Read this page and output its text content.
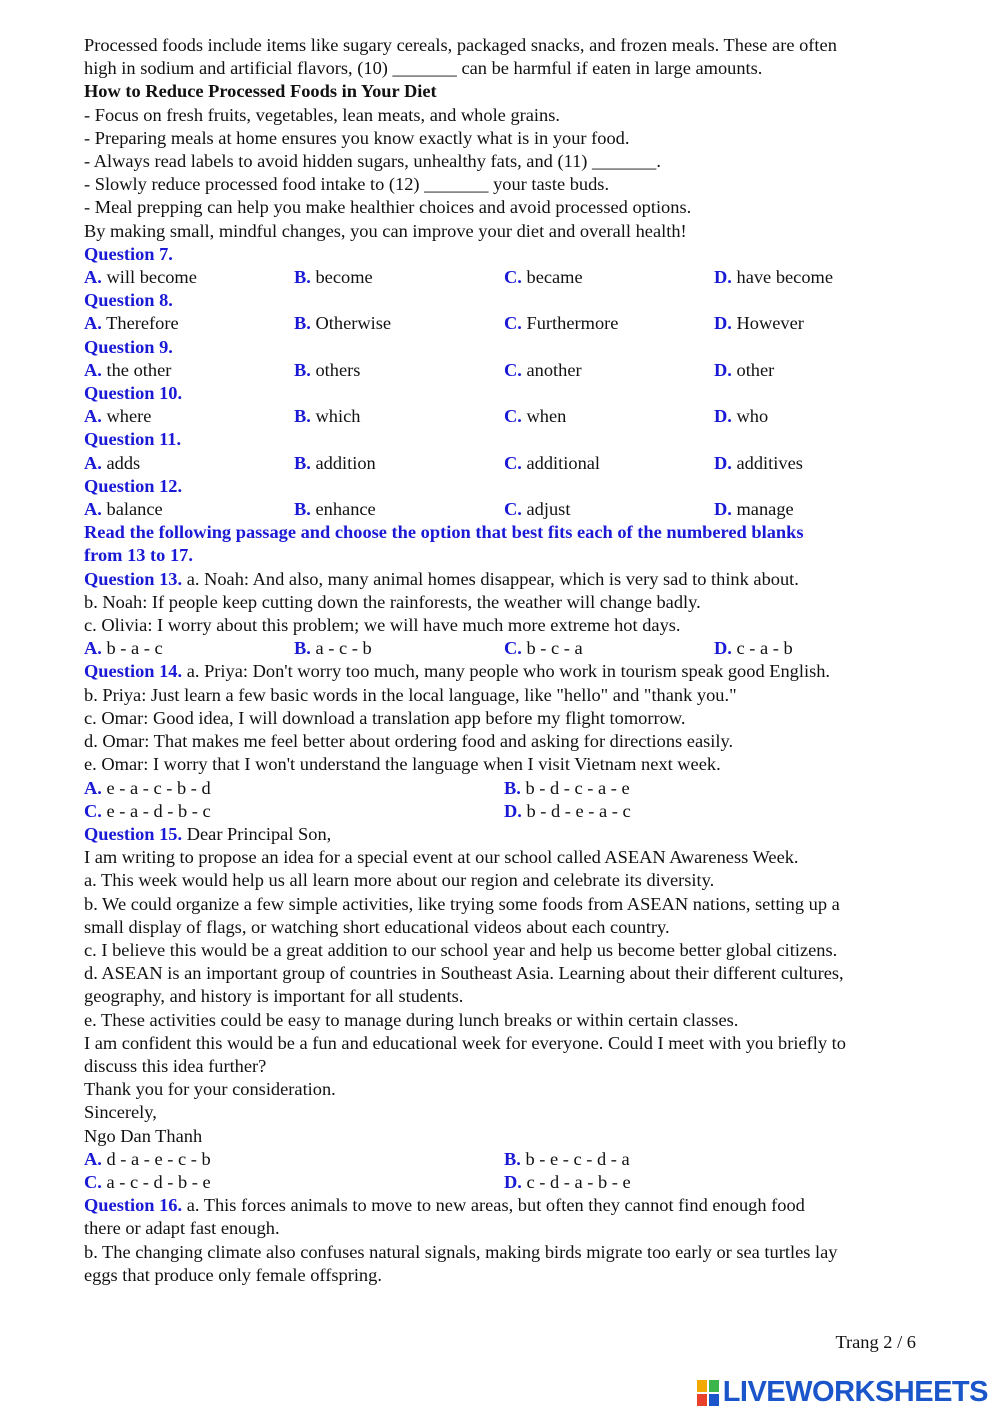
Processed foods include items like sugary cereals, packaged snacks, and frozen meals. These are often
high in sodium and artificial flavors, (10) _______ can be harmful if eaten in large amounts.
How to Reduce Processed Foods in Your Diet
- Focus on fresh fruits, vegetables, lean meats, and whole grains.
- Preparing meals at home ensures you know exactly what is in your food.
- Always read labels to avoid hidden sugars, unhealthy fats, and (11) _______.
- Slowly reduce processed food intake to (12) _______ your taste buds.
- Meal prepping can help you make healthier choices and avoid processed options.
By making small, mindful changes, you can improve your diet and overall health!
Question 7.
A. will become	B. become	C. became	D. have become
Question 8.
A. Therefore	B. Otherwise	C. Furthermore	D. However
Question 9.
A. the other	B. others	C. another	D. other
Question 10.
A. where	B. which	C. when	D. who
Question 11.
A. adds	B. addition	C. additional	D. additives
Question 12.
A. balance	B. enhance	C. adjust	D. manage
Read the following passage and choose the option that best fits each of the numbered blanks
from 13 to 17.
Question 13. a. Noah: And also, many animal homes disappear, which is very sad to think about.
b. Noah: If people keep cutting down the rainforests, the weather will change badly.
c. Olivia: I worry about this problem; we will have much more extreme hot days.
A. b - a - c	B. a - c - b	C. b - c - a	D. c - a - b
Question 14. a. Priya: Don't worry too much, many people who work in tourism speak good English.
b. Priya: Just learn a few basic words in the local language, like "hello" and "thank you."
c. Omar: Good idea, I will download a translation app before my flight tomorrow.
d. Omar: That makes me feel better about ordering food and asking for directions easily.
e. Omar: I worry that I won't understand the language when I visit Vietnam next week.
A. e - a - c - b - d	B. b - d - c - a - e
C. e - a - d - b - c	D. b - d - e - a - c
Question 15. Dear Principal Son,
I am writing to propose an idea for a special event at our school called ASEAN Awareness Week.
a. This week would help us all learn more about our region and celebrate its diversity.
b. We could organize a few simple activities, like trying some foods from ASEAN nations, setting up a
small display of flags, or watching short educational videos about each country.
c. I believe this would be a great addition to our school year and help us become better global citizens.
d. ASEAN is an important group of countries in Southeast Asia. Learning about their different cultures,
geography, and history is important for all students.
e. These activities could be easy to manage during lunch breaks or within certain classes.
I am confident this would be a fun and educational week for everyone. Could I meet with you briefly to
discuss this idea further?
Thank you for your consideration.
Sincerely,
Ngo Dan Thanh
A. d - a - e - c - b	B. b - e - c - d - a
C. a - c - d - b - e	D. c - d - a - b - e
Question 16. a. This forces animals to move to new areas, but often they cannot find enough food
there or adapt fast enough.
b. The changing climate also confuses natural signals, making birds migrate too early or sea turtles lay
eggs that produce only female offspring.
Trang 2 / 6
LIVEWORKSHEETS
